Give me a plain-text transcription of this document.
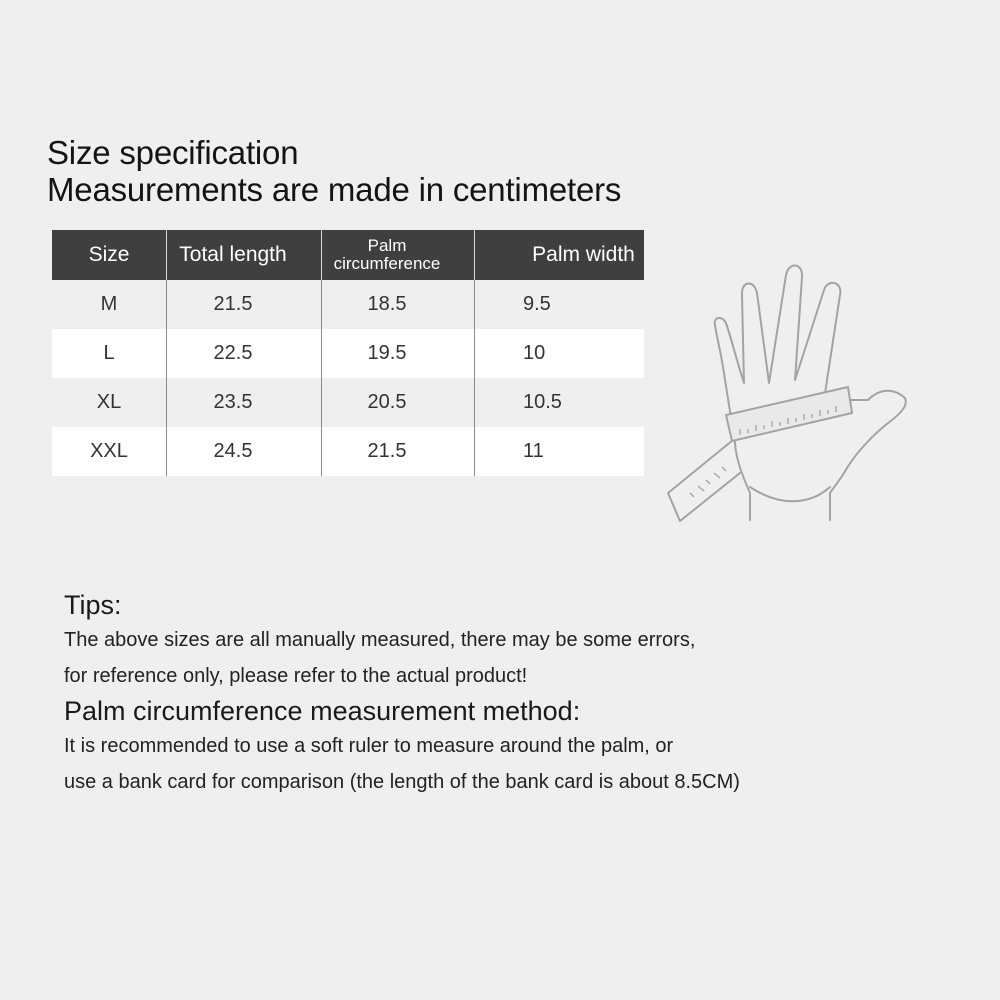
Size specification
Measurements are made in centimeters
Size	Total length	Palm circumference	Palm width
M	21.5	18.5	9.5
L	22.5	19.5	10
XL	23.5	20.5	10.5
XXL	24.5	21.5	11
Tips:
The above sizes are all manually measured, there may be some errors,
for reference only, please refer to the actual product!
Palm circumference measurement method:
It is recommended to use a soft ruler to measure around the palm, or
use a bank card for comparison (the length of the bank card is about 8.5CM)
